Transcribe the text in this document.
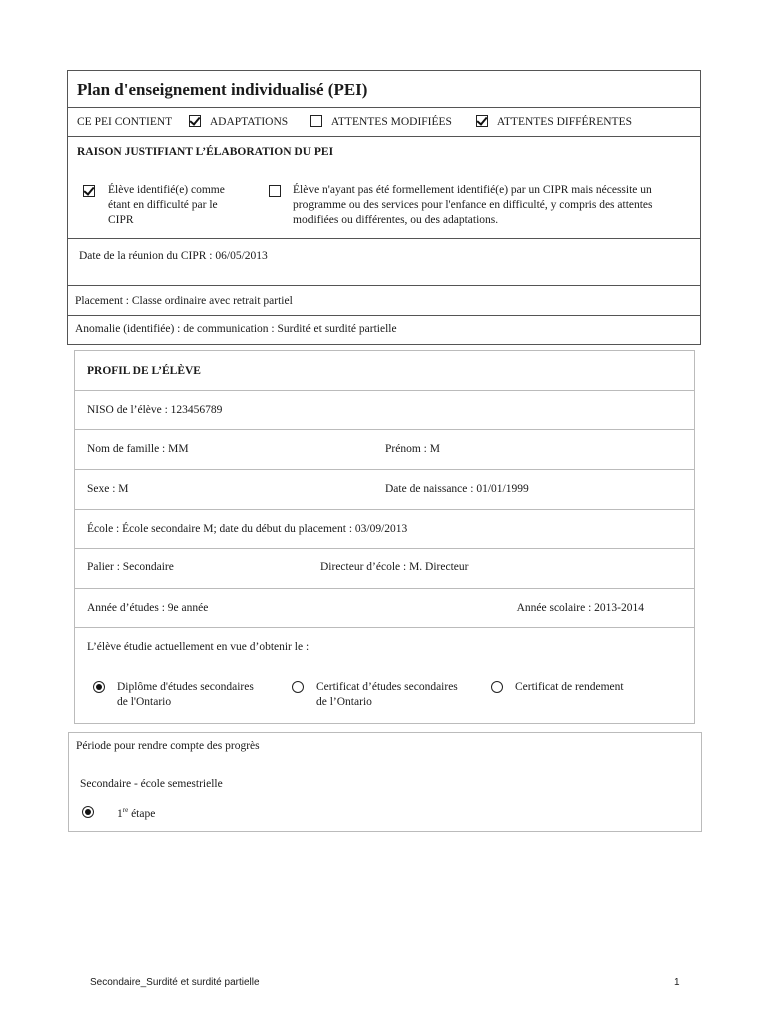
Plan d'enseignement individualisé (PEI)
CE PEI CONTIENT	ADAPTATIONS	ATTENTES MODIFIÉES	ATTENTES DIFFÉRENTES
RAISON JUSTIFIANT L’ÉLABORATION DU PEI
Élève identifié(e) comme
étant en difficulté par le
CIPR
Élève n'ayant pas été formellement identifié(e) par un CIPR mais nécessite un
programme ou des services pour l'enfance en difficulté, y compris des attentes
modifiées ou différentes, ou des adaptations.
Date de la réunion du CIPR : 06/05/2013
Placement : Classe ordinaire avec retrait partiel
Anomalie (identifiée) : de communication : Surdité et surdité partielle
PROFIL DE L’ÉLÈVE
NISO de l’élève : 123456789
Nom de famille : MM	Prénom : M
Sexe : M	Date de naissance : 01/01/1999
École : École secondaire M; date du début du placement : 03/09/2013
Palier : Secondaire	Directeur d’école : M. Directeur
Année d’études : 9e année	Année scolaire : 2013-2014
L’élève étudie actuellement en vue d’obtenir le :
Diplôme d'études secondaires
de l'Ontario
Certificat d’études secondaires
de l’Ontario
Certificat de rendement
Période pour rendre compte des progrès
Secondaire - école semestrielle
1re étape
Secondaire_Surdité et surdité partielle	1
